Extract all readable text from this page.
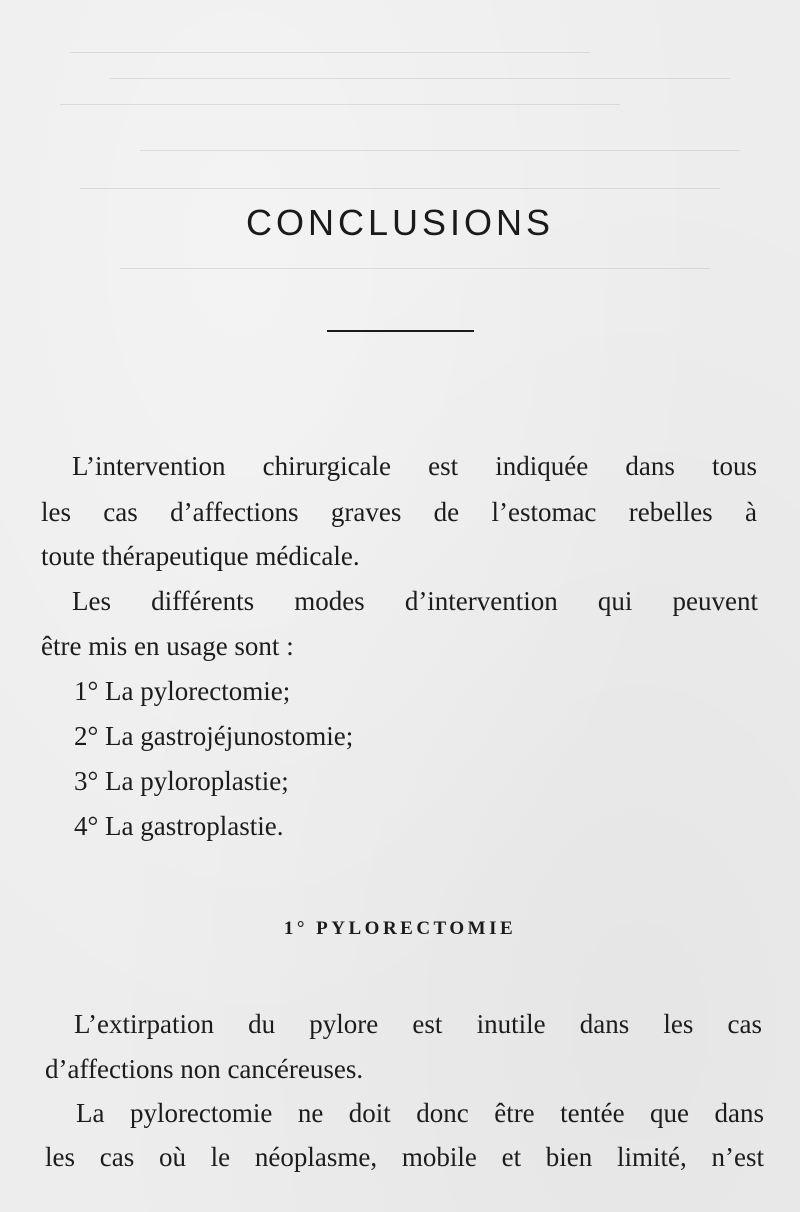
CONCLUSIONS

L’intervention chirurgicale est indiquée dans tous

les cas d’affections graves de l’estomac rebelles à

toute thérapeutique médicale.

Les différents modes d’intervention qui peuvent

être mis en usage sont :

1° La pylorectomie;

2° La gastrojéjunostomie;

3° La pyloroplastie;

4° La gastroplastie.

1° PYLORECTOMIE

L’extirpation du pylore est inutile dans les cas

d’affections non cancéreuses.

La pylorectomie ne doit donc être tentée que dans

les cas où le néoplasme, mobile et bien limité, n’est
